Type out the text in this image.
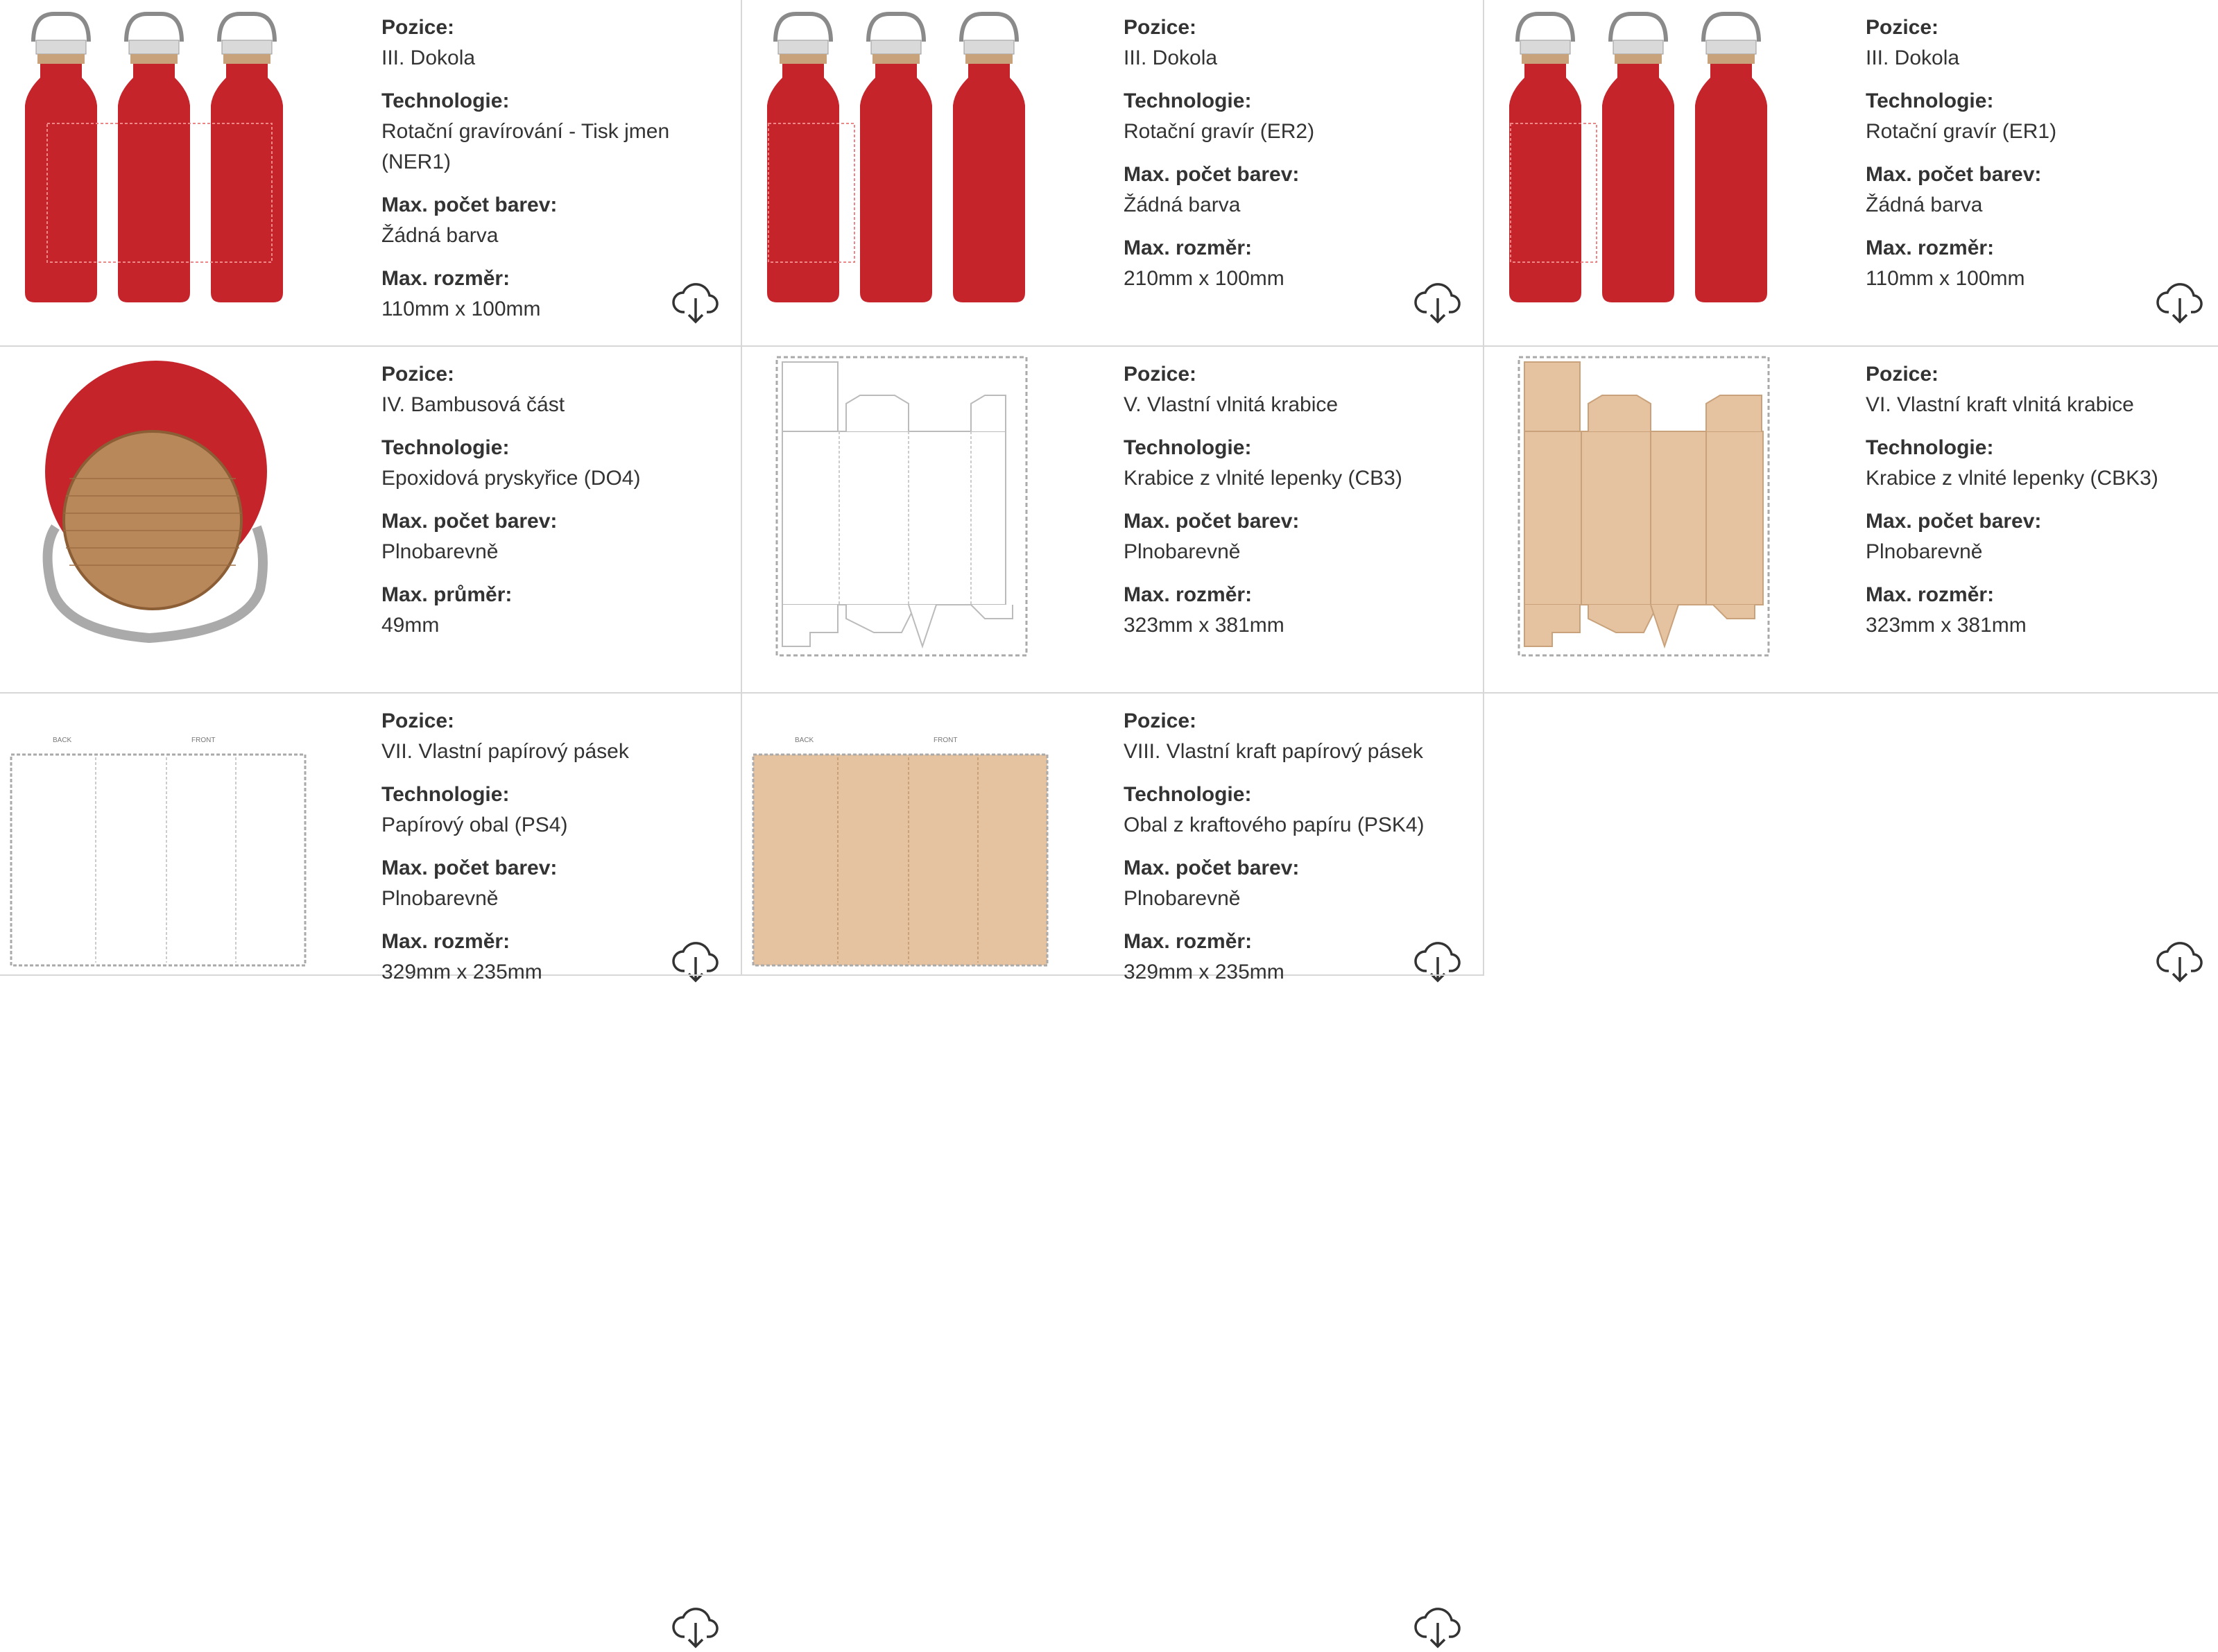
Pozice:
III. Dokola
Technologie:
Rotační gravírování - Tisk jmen (NER1)
Max. počet barev:
Žádná barva
Max. rozměr:
110mm x 100mm
Pozice:
III. Dokola
Technologie:
Rotační gravír (ER2)
Max. počet barev:
Žádná barva
Max. rozměr:
210mm x 100mm
Pozice:
III. Dokola
Technologie:
Rotační gravír (ER1)
Max. počet barev:
Žádná barva
Max. rozměr:
110mm x 100mm
Pozice:
IV. Bambusová část
Technologie:
Epoxidová pryskyřice (DO4)
Max. počet barev:
Plnobarevně
Max. průměr:
49mm
Pozice:
V. Vlastní vlnitá krabice
Technologie:
Krabice z vlnité lepenky (CB3)
Max. počet barev:
Plnobarevně
Max. rozměr:
323mm x 381mm
Pozice:
VI. Vlastní kraft vlnitá krabice
Technologie:
Krabice z vlnité lepenky (CBK3)
Max. počet barev:
Plnobarevně
Max. rozměr:
323mm x 381mm
BACK	FRONT
Pozice:
VII. Vlastní papírový pásek
Technologie:
Papírový obal (PS4)
Max. počet barev:
Plnobarevně
Max. rozměr:
329mm x 235mm
BACK	FRONT
Pozice:
VIII. Vlastní kraft papírový pásek
Technologie:
Obal z kraftového papíru (PSK4)
Max. počet barev:
Plnobarevně
Max. rozměr:
329mm x 235mm
